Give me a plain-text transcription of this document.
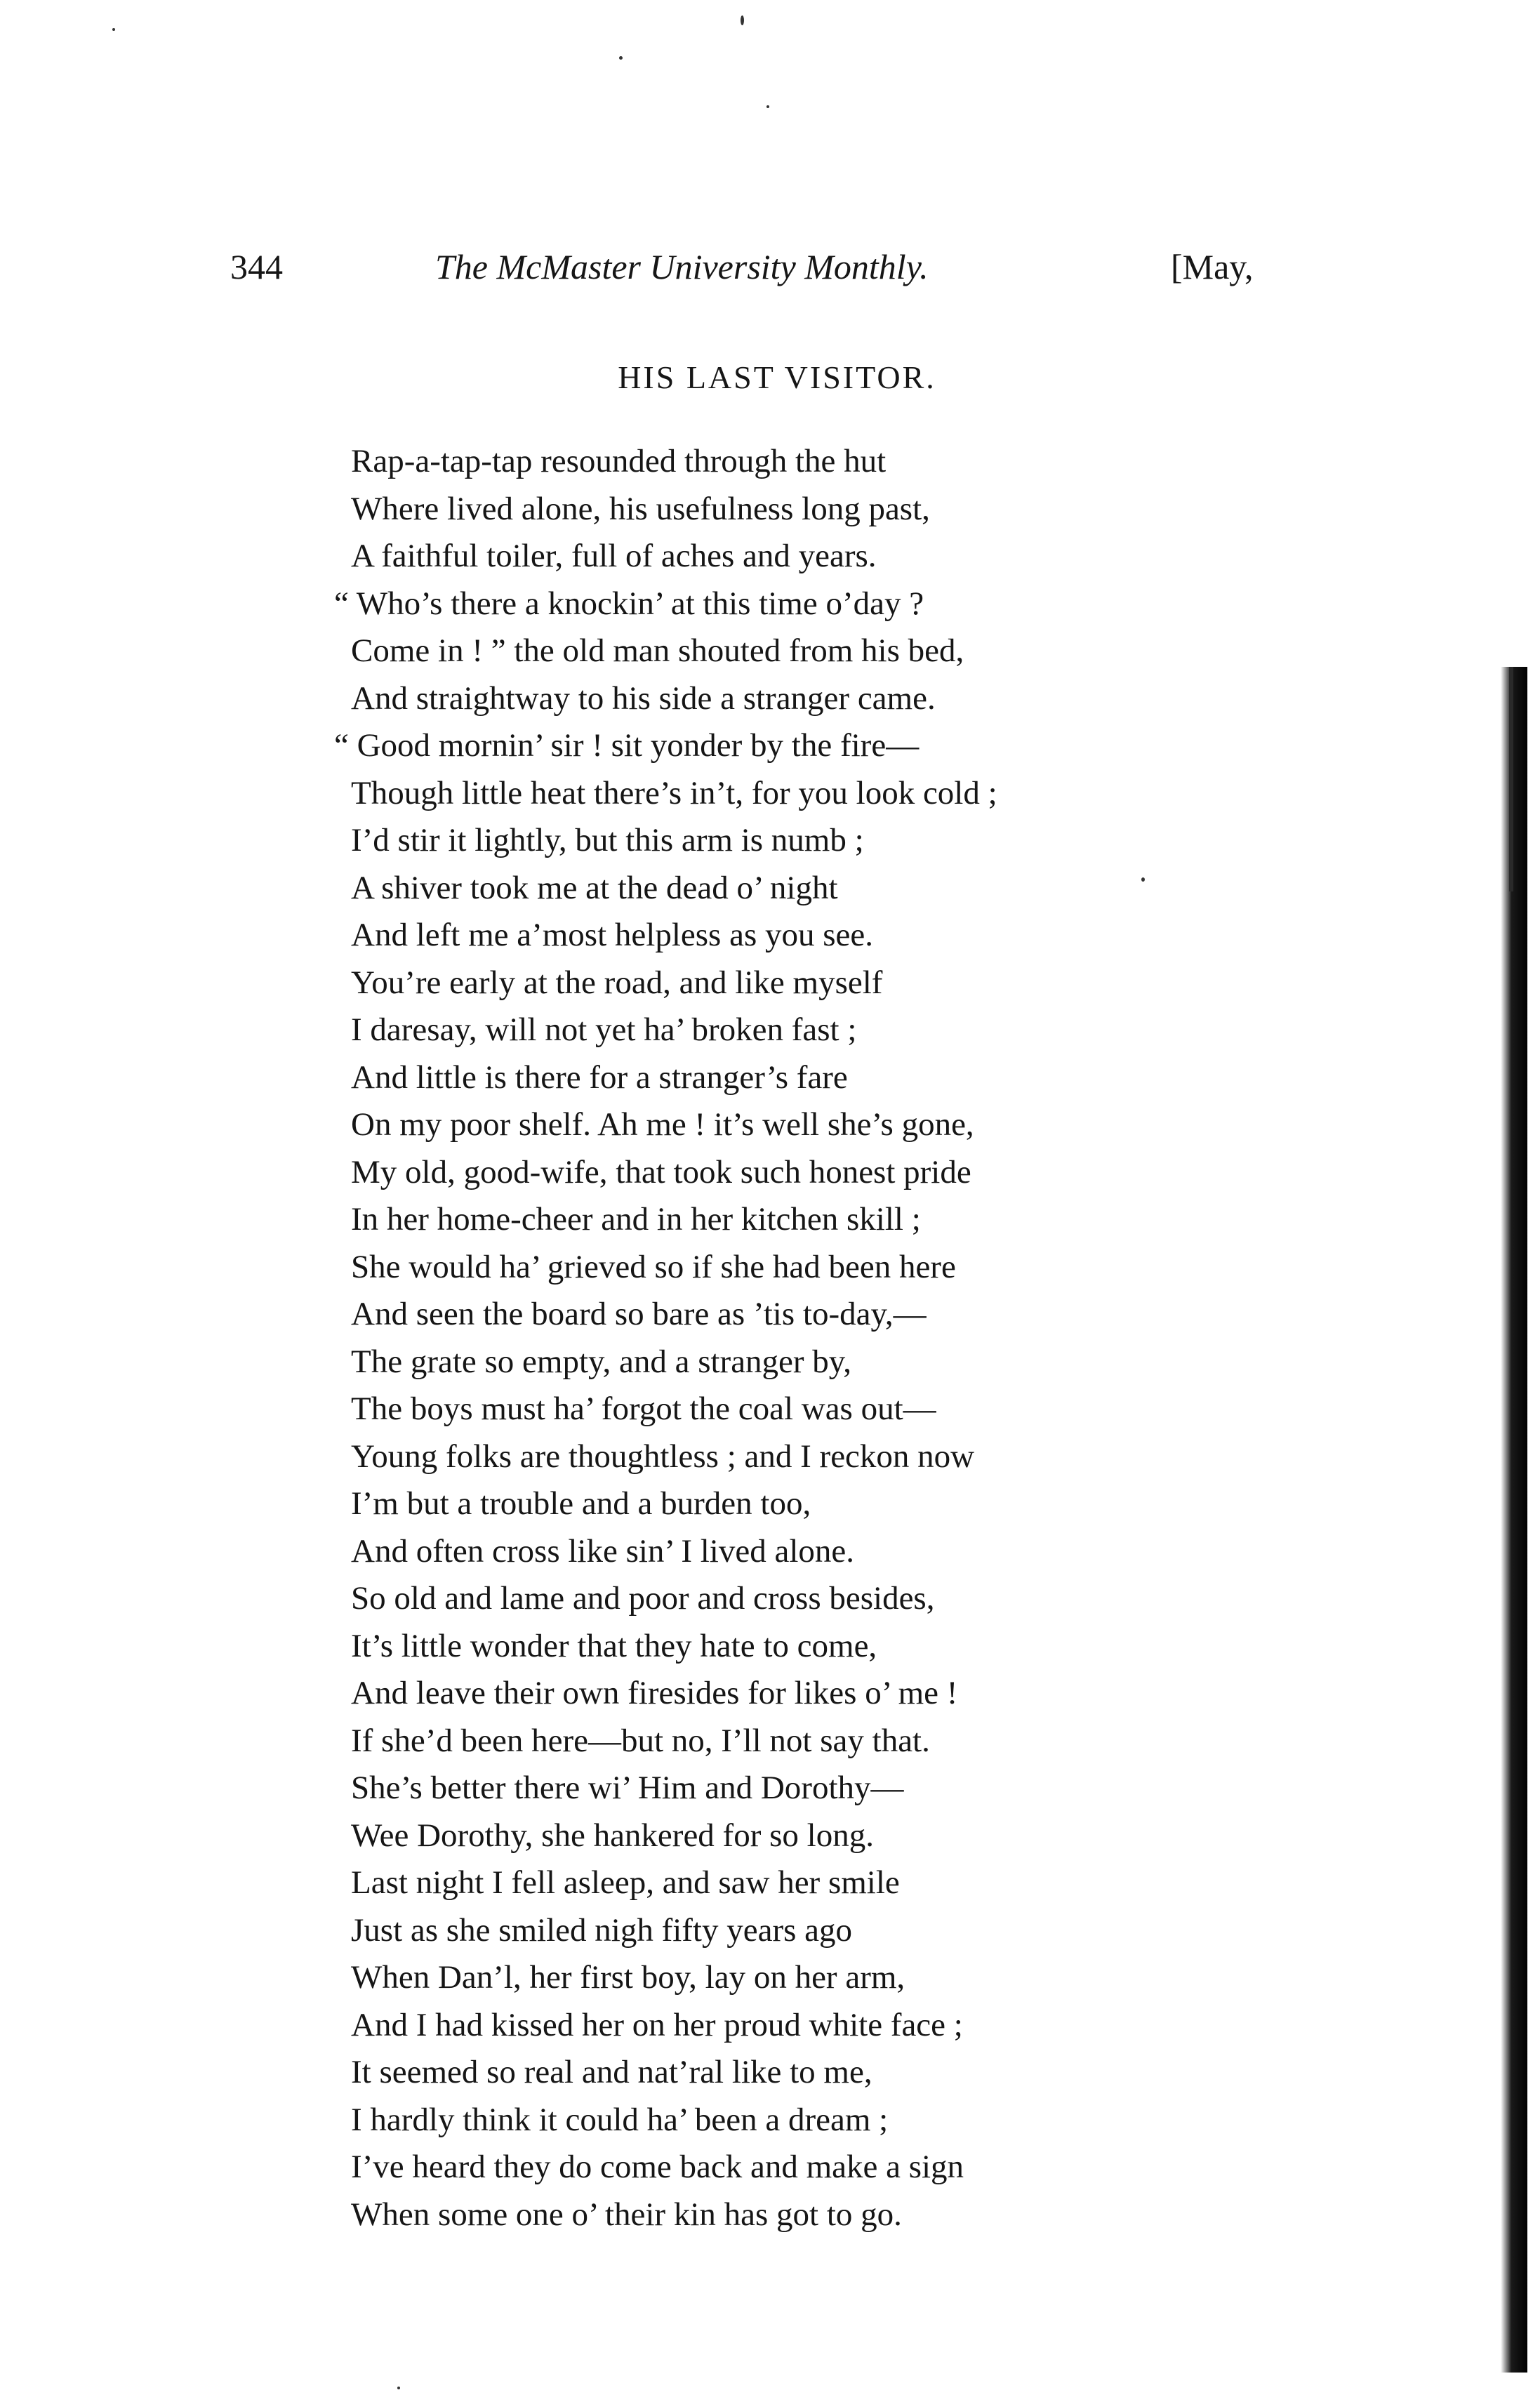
344	The McMaster University Monthly.	[May,
HIS LAST VISITOR.
Rap-a-tap-tap resounded through the hut
Where lived alone, his usefulness long past,
A faithful toiler, full of aches and years.
“ Who’s there a knockin’ at this time o’day ?
Come in ! ” the old man shouted from his bed,
And straightway to his side a stranger came.
“ Good mornin’ sir ! sit yonder by the fire—
Though little heat there’s in’t, for you look cold ;
I’d stir it lightly, but this arm is numb ;
A shiver took me at the dead o’ night
And left me a’most helpless as you see.
You’re early at the road, and like myself
I daresay, will not yet ha’ broken fast ;
And little is there for a stranger’s fare
On my poor shelf. Ah me ! it’s well she’s gone,
My old, good-wife, that took such honest pride
In her home-cheer and in her kitchen skill ;
She would ha’ grieved so if she had been here
And seen the board so bare as ’tis to-day,—
The grate so empty, and a stranger by,
The boys must ha’ forgot the coal was out—
Young folks are thoughtless ; and I reckon now
I’m but a trouble and a burden too,
And often cross like sin’ I lived alone.
So old and lame and poor and cross besides,
It’s little wonder that they hate to come,
And leave their own firesides for likes o’ me !
If she’d been here—but no, I’ll not say that.
She’s better there wi’ Him and Dorothy—
Wee Dorothy, she hankered for so long.
Last night I fell asleep, and saw her smile
Just as she smiled nigh fifty years ago
When Dan’l, her first boy, lay on her arm,
And I had kissed her on her proud white face ;
It seemed so real and nat’ral like to me,
I hardly think it could ha’ been a dream ;
I’ve heard they do come back and make a sign
When some one o’ their kin has got to go.
